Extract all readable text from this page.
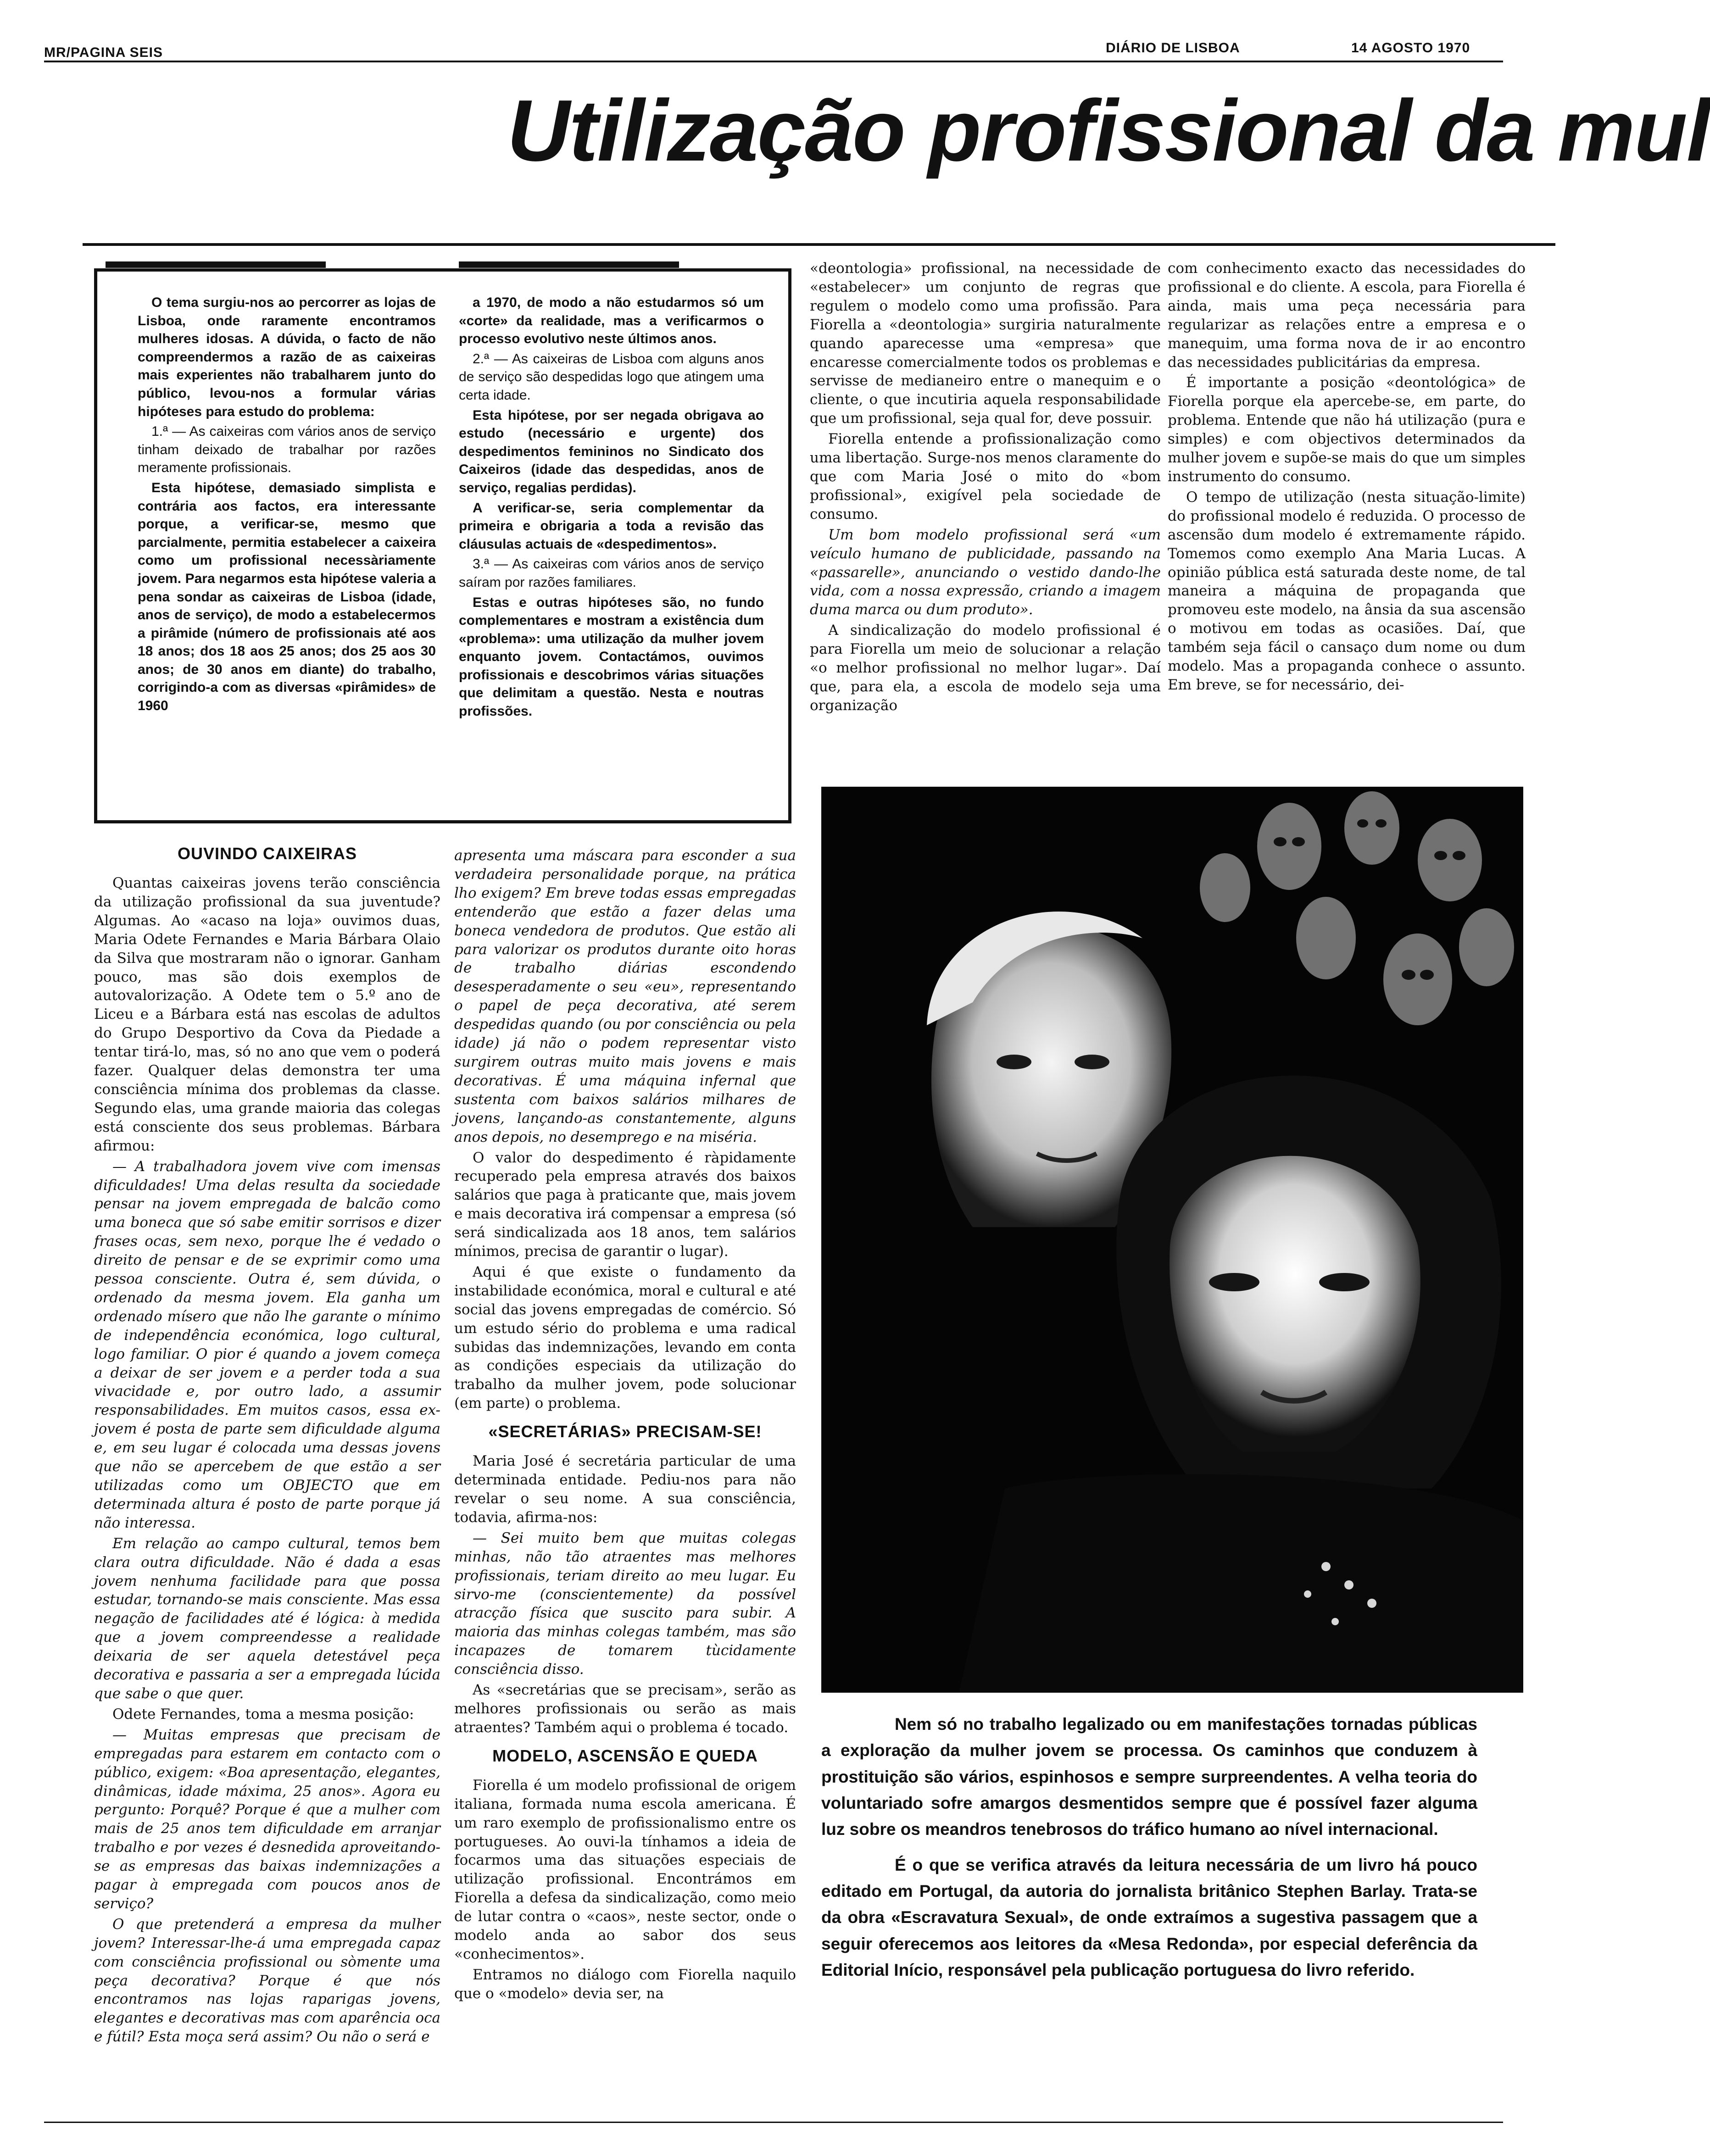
MR/PAGINA SEIS	DIÁRIO DE LISBOA	14 AGOSTO 1970
Utilização profissional da mul

O tema surgiu-nos ao percorrer as lojas de Lisboa, onde raramente encontramos mulheres idosas. A dúvida, o facto de não compreendermos a razão de as caixeiras mais experientes não trabalharem junto do público, levou-nos a formular várias hipóteses para estudo do problema:

1.ª — As caixeiras com vários anos de serviço tinham deixado de trabalhar por razões meramente profissionais.

Esta hipótese, demasiado simplista e contrária aos factos, era interessante porque, a verificar-se, mesmo que parcialmente, permitia estabelecer a caixeira como um profissional necessàriamente jovem. Para negarmos esta hipótese valeria a pena sondar as caixeiras de Lisboa (idade, anos de serviço), de modo a estabelecermos a pirâmide (número de profissionais até aos 18 anos; dos 18 aos 25 anos; dos 25 aos 30 anos; de 30 anos em diante) do trabalho, corrigindo-a com as diversas «pirâmides» de 1960

a 1970, de modo a não estudarmos só um «corte» da realidade, mas a verificarmos o processo evolutivo neste últimos anos.

2.ª — As caixeiras de Lisboa com alguns anos de serviço são despedidas logo que atingem uma certa idade.

Esta hipótese, por ser negada obrigava ao estudo (necessário e urgente) dos despedimentos femininos no Sindicato dos Caixeiros (idade das despedidas, anos de serviço, regalias perdidas).

A verificar-se, seria complementar da primeira e obrigaria a toda a revisão das cláusulas actuais de «despedimentos».

3.ª — As caixeiras com vários anos de serviço saíram por razões familiares.

Estas e outras hipóteses são, no fundo complementares e mostram a existência dum «problema»: uma utilização da mulher jovem enquanto jovem. Contactámos, ouvimos profissionais e descobrimos várias situações que delimitam a questão. Nesta e noutras profissões.

«deontologia» profissional, na necessidade de «estabelecer» um conjunto de regras que regulem o modelo como uma profissão. Para Fiorella a «deontologia» surgiria naturalmente quando aparecesse uma «empresa» que encaresse comercialmente todos os problemas e servisse de medianeiro entre o manequim e o cliente, o que incutiria aquela responsabilidade que um profissional, seja qual for, deve possuir.

Fiorella entende a profissionalização como uma libertação. Surge-nos menos claramente do que com Maria José o mito do «bom profissional», exigível pela sociedade de consumo.

Um bom modelo profissional será «um veículo humano de publicidade, passando na «passarelle», anunciando o vestido dando-lhe vida, com a nossa expressão, criando a imagem duma marca ou dum produto».

A sindicalização do modelo profissional é para Fiorella um meio de solucionar a relação «o melhor profissional no melhor lugar». Daí que, para ela, a escola de modelo seja uma organização

com conhecimento exacto das necessidades do profissional e do cliente. A escola, para Fiorella é ainda, mais uma peça necessária para regularizar as relações entre a empresa e o manequim, uma forma nova de ir ao encontro das necessidades publicitárias da empresa.

É importante a posição «deontológica» de Fiorella porque ela apercebe-se, em parte, do problema. Entende que não há utilização (pura e simples) e com objectivos determinados da mulher jovem e supõe-se mais do que um simples instrumento do consumo.

O tempo de utilização (nesta situação-limite) do profissional modelo é reduzida. O processo de ascensão dum modelo é extremamente rápido. Tomemos como exemplo Ana Maria Lucas. A opinião pública está saturada deste nome, de tal maneira a máquina de propaganda que promoveu este modelo, na ânsia da sua ascensão o motivou em todas as ocasiões. Daí, que também seja fácil o cansaço dum nome ou dum modelo. Mas a propaganda conhece o assunto. Em breve, se for necessário, dei-

OUVINDO CAIXEIRAS

Quantas caixeiras jovens terão consciência da utilização profissional da sua juventude? Algumas. Ao «acaso na loja» ouvimos duas, Maria Odete Fernandes e Maria Bárbara Olaio da Silva que mostraram não o ignorar. Ganham pouco, mas são dois exemplos de autovalorização. A Odete tem o 5.º ano de Liceu e a Bárbara está nas escolas de adultos do Grupo Desportivo da Cova da Piedade a tentar tirá-lo, mas, só no ano que vem o poderá fazer. Qualquer delas demonstra ter uma consciência mínima dos problemas da classe. Segundo elas, uma grande maioria das colegas está consciente dos seus problemas. Bárbara afirmou:

— A trabalhadora jovem vive com imensas dificuldades! Uma delas resulta da sociedade pensar na jovem empregada de balcão como uma boneca que só sabe emitir sorrisos e dizer frases ocas, sem nexo, porque lhe é vedado o direito de pensar e de se exprimir como uma pessoa consciente. Outra é, sem dúvida, o ordenado da mesma jovem. Ela ganha um ordenado mísero que não lhe garante o mínimo de independência económica, logo cultural, logo familiar. O pior é quando a jovem começa a deixar de ser jovem e a perder toda a sua vivacidade e, por outro lado, a assumir responsabilidades. Em muitos casos, essa ex-jovem é posta de parte sem dificuldade alguma e, em seu lugar é colocada uma dessas jovens que não se apercebem de que estão a ser utilizadas como um OBJECTO que em determinada altura é posto de parte porque já não interessa.

Em relação ao campo cultural, temos bem clara outra dificuldade. Não é dada a esas jovem nenhuma facilidade para que possa estudar, tornando-se mais consciente. Mas essa negação de facilidades até é lógica: à medida que a jovem compreendesse a realidade deixaria de ser aquela detestável peça decorativa e passaria a ser a empregada lúcida que sabe o que quer.

Odete Fernandes, toma a mesma posição:

— Muitas empresas que precisam de empregadas para estarem em contacto com o público, exigem: «Boa apresentação, elegantes, dinâmicas, idade máxima, 25 anos». Agora eu pergunto: Porquê? Porque é que a mulher com mais de 25 anos tem dificuldade em arranjar trabalho e por vezes é desnedida aproveitando-se as empresas das baixas indemnizações a pagar à empregada com poucos anos de serviço?

O que pretenderá a empresa da mulher jovem? Interessar-lhe-á uma empregada capaz com consciência profissional ou sòmente uma peça decorativa? Porque é que nós encontramos nas lojas raparigas jovens, elegantes e decorativas mas com aparência oca e fútil? Esta moça será assim? Ou não o será e

apresenta uma máscara para esconder a sua verdadeira personalidade porque, na prática lho exigem? Em breve todas essas empregadas entenderão que estão a fazer delas uma boneca vendedora de produtos. Que estão ali para valorizar os produtos durante oito horas de trabalho diárias escondendo desesperadamente o seu «eu», representando o papel de peça decorativa, até serem despedidas quando (ou por consciência ou pela idade) já não o podem representar visto surgirem outras muito mais jovens e mais decorativas. É uma máquina infernal que sustenta com baixos salários milhares de jovens, lançando-as constantemente, alguns anos depois, no desemprego e na miséria.

O valor do despedimento é ràpidamente recuperado pela empresa através dos baixos salários que paga à praticante que, mais jovem e mais decorativa irá compensar a empresa (só será sindicalizada aos 18 anos, tem salários mínimos, precisa de garantir o lugar).

Aqui é que existe o fundamento da instabilidade económica, moral e cultural e até social das jovens empregadas de comércio. Só um estudo sério do problema e uma radical subidas das indemnizações, levando em conta as condições especiais da utilização do trabalho da mulher jovem, pode solucionar (em parte) o problema.

«SECRETÁRIAS» PRECISAM-SE!

Maria José é secretária particular de uma determinada entidade. Pediu-nos para não revelar o seu nome. A sua consciência, todavia, afirma-nos:

— Sei muito bem que muitas colegas minhas, não tão atraentes mas melhores profissionais, teriam direito ao meu lugar. Eu sirvo-me (conscientemente) da possível atracção física que suscito para subir. A maioria das minhas colegas também, mas são incapazes de tomarem tùcidamente consciência disso.

As «secretárias que se precisam», serão as melhores profissionais ou serão as mais atraentes? Também aqui o problema é tocado.

MODELO, ASCENSÃO E QUEDA

Fiorella é um modelo profissional de origem italiana, formada numa escola americana. É um raro exemplo de profissionalismo entre os portugueses. Ao ouvi-la tínhamos a ideia de focarmos uma das situações especiais de utilização profissional. Encontrámos em Fiorella a defesa da sindicalização, como meio de lutar contra o «caos», neste sector, onde o modelo anda ao sabor dos seus «conhecimentos».

Entramos no diálogo com Fiorella naquilo que o «modelo» devia ser, na

Nem só no trabalho legalizado ou em manifestações tornadas públicas a exploração da mulher jovem se processa. Os caminhos que conduzem à prostituição são vários, espinhosos e sempre surpreendentes. A velha teoria do voluntariado sofre amargos desmentidos sempre que é possível fazer alguma luz sobre os meandros tenebrosos do tráfico humano ao nível internacional.

É o que se verifica através da leitura necessária de um livro há pouco editado em Portugal, da autoria do jornalista britânico Stephen Barlay. Trata-se da obra «Escravatura Sexual», de onde extraímos a sugestiva passagem que a seguir oferecemos aos leitores da «Mesa Redonda», por especial deferência da Editorial Início, responsável pela publicação portuguesa do livro referido.
